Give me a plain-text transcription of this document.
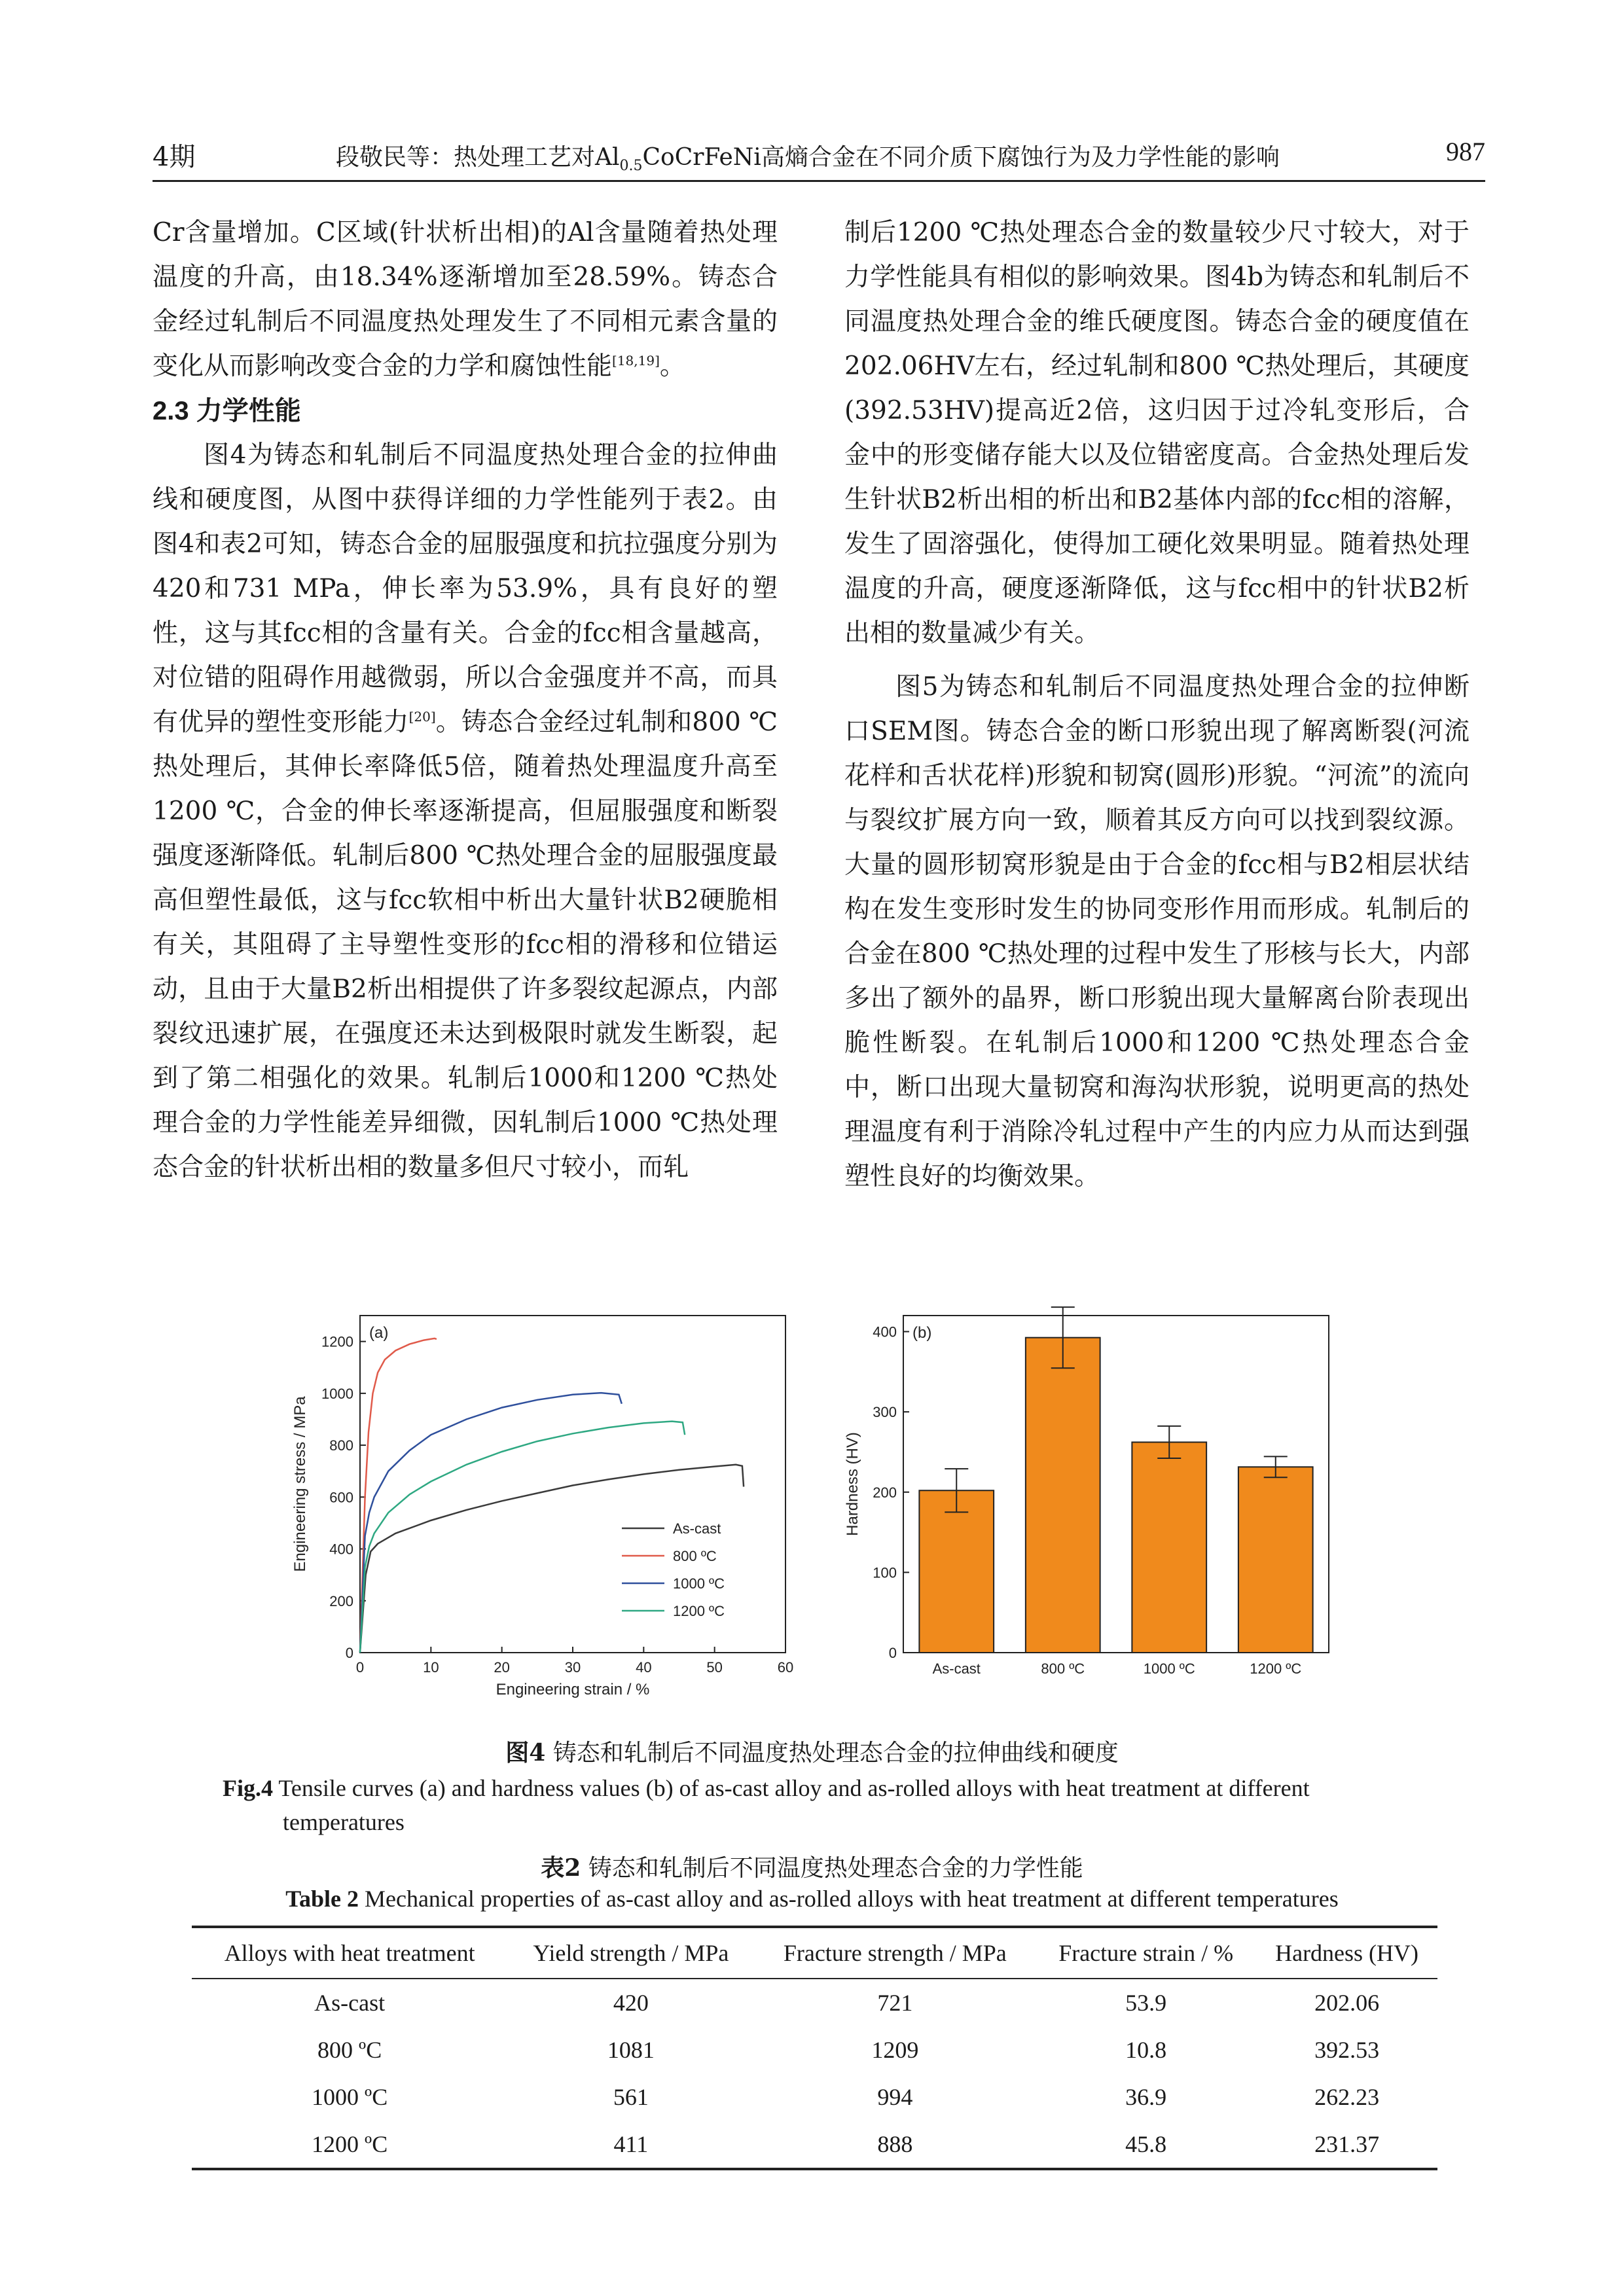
4期	段敬民等：热处理工艺对$Al_{0.5}CoCrFeNi$高熵合金在不同介质下腐蚀行为及力学性能的影响	987

Cr含量增加。C区域(针状析出相)的Al含量随着热处理温度的升高，由18.34%逐渐增加至28.59%。铸态合金经过轧制后不同温度热处理发生了不同相元素含量的变化从而影响改变合金的力学和腐蚀性能[18,19]。

2.3 力学性能

图4为铸态和轧制后不同温度热处理合金的拉伸曲线和硬度图，从图中获得详细的力学性能列于表2。由图4和表2可知，铸态合金的屈服强度和抗拉强度分别为420和731 MPa，伸长率为53.9%，具有良好的塑性，这与其fcc相的含量有关。合金的fcc相含量越高，对位错的阻碍作用越微弱，所以合金强度并不高，而具有优异的塑性变形能力[20]。铸态合金经过轧制和800 ℃热处理后，其伸长率降低5倍，随着热处理温度升高至1200 ℃，合金的伸长率逐渐提高，但屈服强度和断裂强度逐渐降低。轧制后800 ℃热处理合金的屈服强度最高但塑性最低，这与fcc软相中析出大量针状B2硬脆相有关，其阻碍了主导塑性变形的fcc相的滑移和位错运动，且由于大量B2析出相提供了许多裂纹起源点，内部裂纹迅速扩展，在强度还未达到极限时就发生断裂，起到了第二相强化的效果。轧制后1000和1200 ℃热处理合金的力学性能差异细微，因轧制后1000 ℃热处理态合金的针状析出相的数量多但尺寸较小，而轧

制后1200 ℃热处理态合金的数量较少尺寸较大，对于力学性能具有相似的影响效果。图4b为铸态和轧制后不同温度热处理合金的维氏硬度图。铸态合金的硬度值在202.06HV左右，经过轧制和800 ℃热处理后，其硬度(392.53HV)提高近2倍，这归因于过冷轧变形后，合金中的形变储存能大以及位错密度高。合金热处理后发生针状B2析出相的析出和B2基体内部的fcc相的溶解，发生了固溶强化，使得加工硬化效果明显。随着热处理温度的升高，硬度逐渐降低，这与fcc相中的针状B2析出相的数量减少有关。

图5为铸态和轧制后不同温度热处理合金的拉伸断口SEM图。铸态合金的断口形貌出现了解离断裂(河流花样和舌状花样)形貌和韧窝(圆形)形貌。“河流”的流向与裂纹扩展方向一致，顺着其反方向可以找到裂纹源。大量的圆形韧窝形貌是由于合金的fcc相与B2相层状结构在发生变形时发生的协同变形作用而形成。轧制后的合金在800 ℃热处理的过程中发生了形核与长大，内部多出了额外的晶界，断口形貌出现大量解离台阶表现出脆性断裂。在轧制后1000和1200 ℃热处理态合金中，断口出现大量韧窝和海沟状形貌，说明更高的热处理温度有利于消除冷轧过程中产生的内应力从而达到强塑性良好的均衡效果。

0	10	20	30	40	50	60
0
200
400
600
800
1000
1200
Engineering strain / %
Engineering stress / MPa
(a)
As-cast
800 ºC
1000 ºC
1200 ºC
0
100
200
300
400
Hardness (HV)
(b)
As-cast	800 ºC	1000 ºC	1200 ºC
图4 铸态和轧制后不同温度热处理态合金的拉伸曲线和硬度
Fig.4 Tensile curves (a) and hardness values (b) of as-cast alloy and as-rolled alloys with heat treatment at different temperatures
表2 铸态和轧制后不同温度热处理态合金的力学性能
Table 2 Mechanical properties of as-cast alloy and as-rolled alloys with heat treatment at different temperatures
Alloys with heat treatment	Yield strength / MPa	Fracture strength / MPa	Fracture strain / %	Hardness (HV)
As-cast	420	721	53.9	202.06
800 ºC	1081	1209	10.8	392.53
1000 ºC	561	994	36.9	262.23
1200 ºC	411	888	45.8	231.37
